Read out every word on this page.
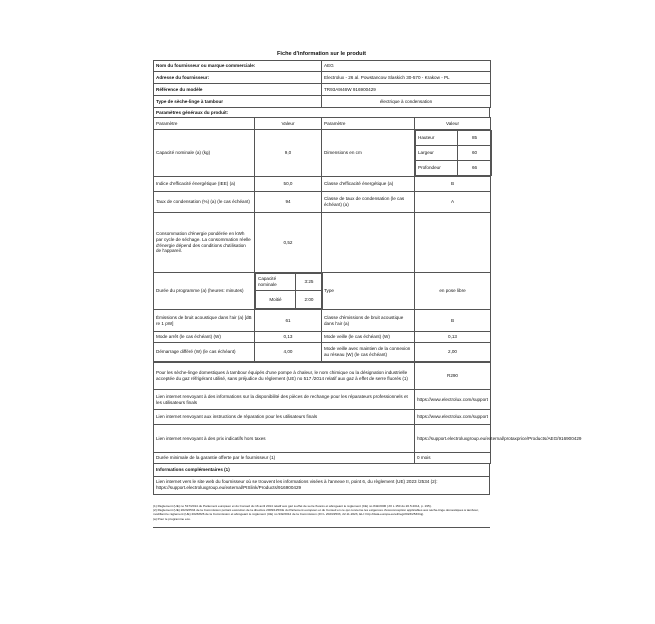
Fiche d'information sur le produit
Nom du fournisseur ou marque commerciale:	AEG
Adresse du fournisseur:	Electrolux - 26 al. Powstancow Slaskich 30-570 - Krakow - PL
Référence du modèle	TR93A9I46W 916900429
Type de sèche-linge à tambour	électrique à condensation
Paramètres généraux du produit:
Paramètre	Valeur	Paramètre	Valeur
Capacité nominale (a) (kg)	9,0	Dimensions en cm	
Hauteur	85
Largeur	60
Profondeur	66

Indice d'efficacité énergétique (IEE) (a)	50,0	Classe d'efficacité énergétique (a)	B
Taux de condensation (%) (a) (le cas échéant)	94	Classe de taux de condensation (le cas échéant) (a)	A
Consommation d'énergie pondérée en kWh par cycle de séchage. La consommation réelle d'énergie dépend des conditions d'utilisation de l'appareil.	0,52		
Durée du programme (a) (heures: minutes)	
Capacité nominale	3:25
Moitié	2:00
	Type	en pose libre
Émissions de bruit acoustique dans l'air (a) [dB re 1 pW]	61	Classe d'émissions de bruit acoustique dans l'air (a)	B
Mode arrêt (le cas échéant) (W)	0,13	Mode veille (le cas échéant) (W)	0,13
Démarrage différé (W) (le cas échéant)	4,00	Mode veille avec maintien de la connexion au réseau (W) (le cas échéant)	2,00
Pour les sèche-linge domestiques à tambour équipés d'une pompe à chaleur, le nom chimique ou la désignation industrielle acceptée du gaz réfrigérant utilisé, sans préjudice du règlement (UE) no 517 /2014 relatif aux gaz à effet de serre fluorés (1)	R290
Lien internet renvoyant à des informations sur la disponibilité des pièces de rechange pour les réparateurs professionnels et les utilisateurs finals	https://www.electrolux.com/support
Lien internet renvoyant aux instructions de réparation pour les utilisateurs finals	https://www.electrolux.com/support
Lien internet renvoyant à des prix indicatifs hors taxes	https://support.electroluxgroup.eu/external/protaxprice/Products/AEG/916900429
Durée minimale de la garantie offerte par le fournisseur (1)	0 mois
Informations complémentaires (1)
Lien internet vers le site web du fournisseur où se trouvent les informations visées à l'annexe II, point 6, du règlement (UE) 2023 /2534 (2): https://support.electroluxgroup.eu/external/PISlink/Products/916900429
(1) Règlement (UE) no 517/2014 du Parlement européen et du Conseil du 16 avril 2014 relatif aux gaz à effet de serre fluorés et abrogeant le règlement (CE) no 842/2006 (JO L 150 du 20.5.2014, p. 195).
(2) Règlement (UE) 2023/2534 de la Commission portant exécution de la directive 2009/125/CE du Parlement européen et du Conseil en ce qui concerne les exigences d'écoconception applicables aux sèche-linge domestiques à tambour, modifiant le règlement (UE) 2023/826 de la Commission et abrogeant le règlement (UE) no 932/2012 de la Commission (JO L 2023/2533, 22.11.2023, ELI: http://data.europa.eu/eli/reg/2023/2533/oj).
(a) Pour le programme eco.
